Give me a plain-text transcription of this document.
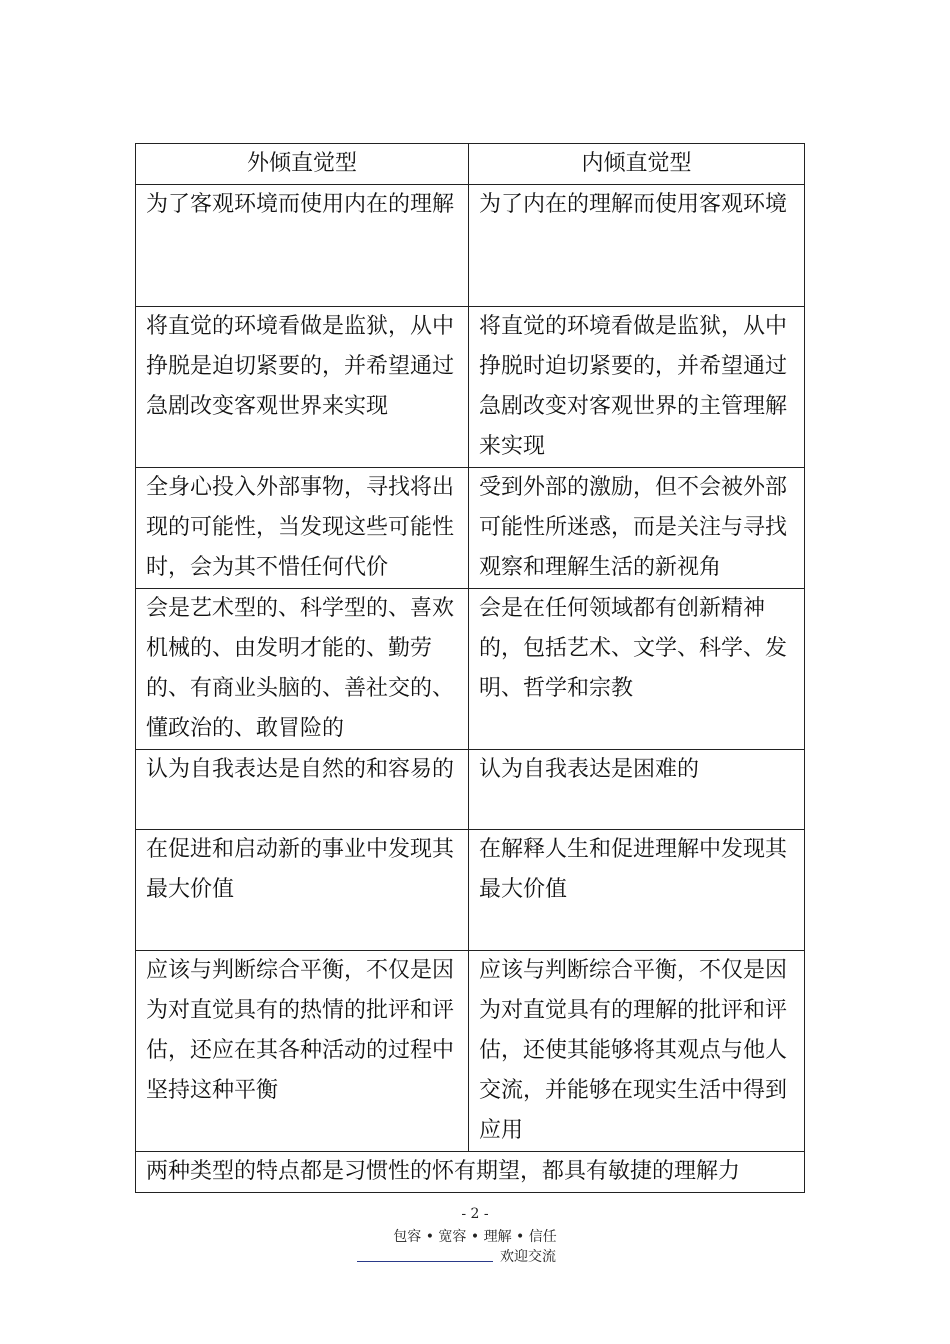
外倾直觉型	内倾直觉型
为了客观环境而使用内在的理解	为了内在的理解而使用客观环境
将直觉的环境看做是监狱，从中挣脱是迫切紧要的，并希望通过急剧改变客观世界来实现	将直觉的环境看做是监狱，从中挣脱时迫切紧要的，并希望通过急剧改变对客观世界的主管理解来实现
全身心投入外部事物，寻找将出现的可能性，当发现这些可能性时，会为其不惜任何代价	受到外部的激励，但不会被外部可能性所迷惑，而是关注与寻找观察和理解生活的新视角
会是艺术型的、科学型的、喜欢机械的、由发明才能的、勤劳的、有商业头脑的、善社交的、懂政治的、敢冒险的	会是在任何领域都有创新精神的，包括艺术、文学、科学、发明、哲学和宗教
认为自我表达是自然的和容易的	认为自我表达是困难的
在促进和启动新的事业中发现其最大价值	在解释人生和促进理解中发现其最大价值
应该与判断综合平衡，不仅是因为对直觉具有的热情的批评和评估，还应在其各种活动的过程中坚持这种平衡	应该与判断综合平衡，不仅是因为对直觉具有的理解的批评和评估，还使其能够将其观点与他人交流，并能够在现实生活中得到应用
两种类型的特点都是习惯性的怀有期望，都具有敏捷的理解力	
- 2 -
包容 • 宽容 • 理解 • 信任
欢迎交流
